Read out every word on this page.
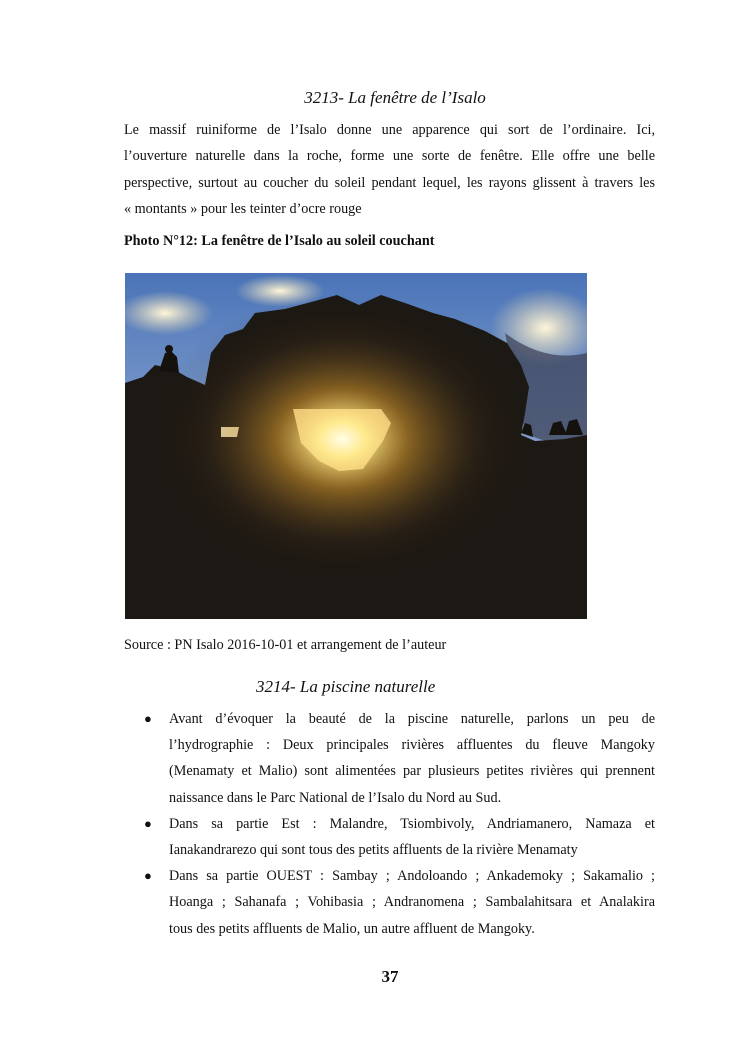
3213- La fenêtre de l’Isalo
Le massif ruiniforme de l’Isalo donne une apparence qui sort de l’ordinaire. Ici,
l’ouverture naturelle dans la roche, forme une sorte de fenêtre. Elle offre une belle
perspective, surtout au coucher du soleil pendant lequel, les rayons glissent à travers les
« montants » pour les teinter d’ocre rouge
Photo N°12: La fenêtre de l’Isalo au soleil couchant
Source : PN Isalo 2016-10-01 et arrangement de l’auteur
3214- La piscine naturelle
● Avant d’évoquer la beauté de la piscine naturelle, parlons un peu de
l’hydrographie : Deux principales rivières affluentes du fleuve Mangoky
(Menamaty et Malio) sont alimentées par plusieurs petites rivières qui prennent
naissance dans le Parc National de l’Isalo du Nord au Sud.
● Dans sa partie Est : Malandre, Tsiombivoly, Andriamanero, Namaza et
Ianakandrarezo qui sont tous des petits affluents de la rivière Menamaty
● Dans sa partie OUEST : Sambay ; Andoloando ; Ankademoky ; Sakamalio ;
Hoanga ; Sahanafa ; Vohibasia ; Andranomena ; Sambalahitsara et Analakira
tous des petits affluents de Malio, un autre affluent de Mangoky.
37
